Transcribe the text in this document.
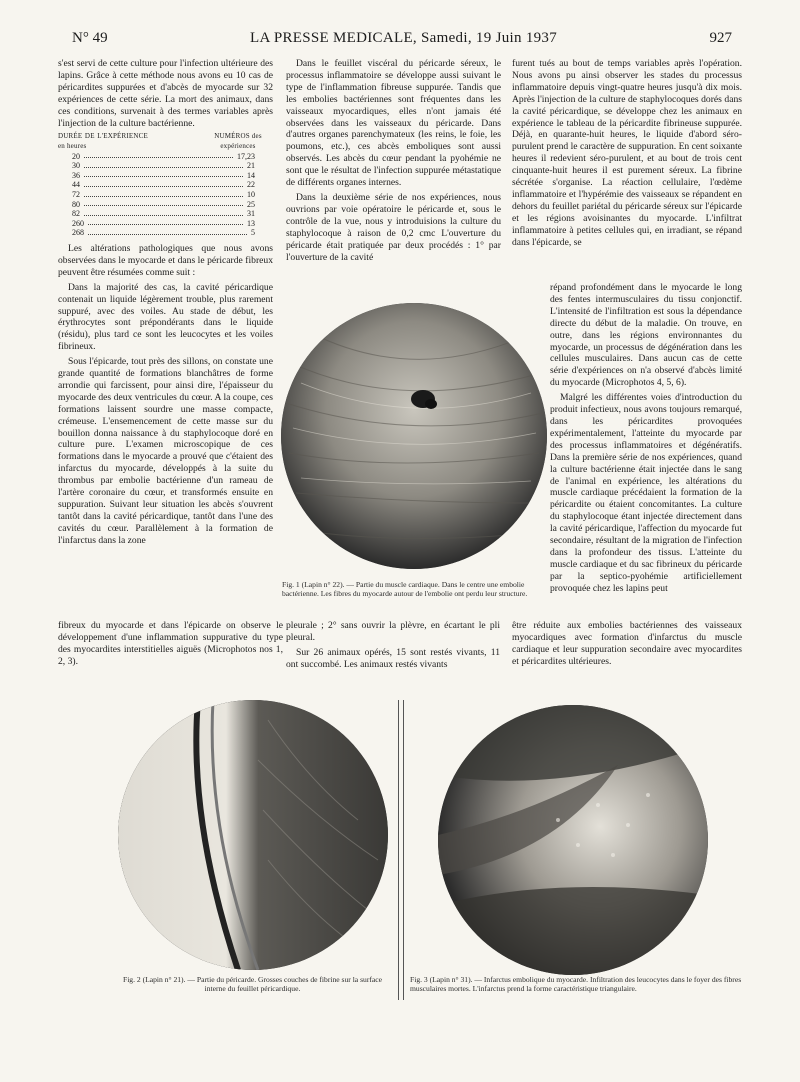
N° 49	LA PRESSE MEDICALE, Samedi, 19 Juin 1937	927

s'est servi de cette culture pour l'infection ultérieure des lapins. Grâce à cette méthode nous avons eu 10 cas de péricardites suppurées et d'abcès de myocarde sur 32 expériences de cette série. La mort des animaux, dans ces conditions, survenait à des termes variables après l'injection de la culture bactérienne.

DURÉE DE L'EXPÉRIENCE en heures
NUMÉROS des expériences
20	17,23
30	21
36	14
44	22
72	10
80	25
82	31
260	13
268	5

Les altérations pathologiques que nous avons observées dans le myocarde et dans le péricarde fibreux peuvent être résumées comme suit :

Dans la majorité des cas, la cavité péricardique contenait un liquide légèrement trouble, plus rarement suppuré, avec des voiles. Au stade de début, les érythrocytes sont prépondérants dans le liquide (résidu), plus tard ce sont les leucocytes et les voiles fibrineux.

Sous l'épicarde, tout près des sillons, on constate une grande quantité de formations blanchâtres de forme arrondie qui farcissent, pour ainsi dire, l'épaisseur du myocarde des deux ventricules du cœur. A la coupe, ces formations laissent sourdre une masse compacte, crémeuse. L'ensemencement de cette masse sur du bouillon donna naissance à du staphylocoque doré en culture pure. L'examen microscopique de ces formations dans le myocarde a prouvé que c'étaient des infarctus du myocarde, développés à la suite du thrombus par embolie bactérienne d'un rameau de l'artère coronaire du cœur, et transformés ensuite en suppuration. Suivant leur situation les abcès s'ouvrent tantôt dans la cavité péricardique, tantôt dans l'une des cavités du cœur. Parallèlement à la formation de l'infarctus dans la zone

fibreux du myocarde et dans l'épicarde on observe le développement d'une inflammation suppurative du type des myocardites interstitielles aiguës (Microphotos nos 1, 2, 3).

Dans le feuillet viscéral du péricarde séreux, le processus inflammatoire se développe aussi suivant le type de l'inflammation fibreuse suppurée. Tandis que les embolies bactériennes sont fréquentes dans les vaisseaux myocardiques, elles n'ont jamais été observées dans les vaisseaux du péricarde. Dans d'autres organes parenchymateux (les reins, le foie, les poumons, etc.), ces abcès emboliques sont aussi observés. Les abcès du cœur pendant la pyohémie ne sont que le résultat de l'infection suppurée métastatique de différents organes internes.

Dans la deuxième série de nos expériences, nous ouvrions par voie opératoire le péricarde et, sous le contrôle de la vue, nous y introduisions la culture du staphylocoque à raison de 0,2 cmc L'ouverture du péricarde était pratiquée par deux procédés : 1° par l'ouverture de la cavité

pleurale ; 2° sans ouvrir la plèvre, en écartant le pli pleural.

Sur 26 animaux opérés, 15 sont restés vivants, 11 ont succombé. Les animaux restés vivants

furent tués au bout de temps variables après l'opération. Nous avons pu ainsi observer les stades du processus inflammatoire depuis vingt-quatre heures jusqu'à dix mois. Après l'injection de la culture de staphylocoques dorés dans la cavité péricardique, se développe chez les animaux en expérience le tableau de la péricardite fibrineuse suppurée. Déjà, en quarante-huit heures, le liquide d'abord séro-purulent prend le caractère de suppuration. En cent soixante heures il redevient séro-purulent, et au bout de trois cent cinquante-huit heures il est purement séreux. La fibrine sécrétée s'organise. La réaction cellulaire, l'œdème inflammatoire et l'hypérémie des vaisseaux se répandent en dehors du feuillet pariétal du péricarde séreux sur l'épicarde et les régions avoisinantes du myocarde. L'infiltrat inflammatoire à petites cellules qui, en irradiant, se répand dans l'épicarde, se

répand profondément dans le myocarde le long des fentes intermusculaires du tissu conjonctif. L'intensité de l'infiltration est sous la dépendance directe du début de la maladie. On trouve, en outre, dans les régions environnantes du myocarde, un processus de dégénération dans les cellules musculaires. Dans aucun cas de cette série d'expériences on n'a observé d'abcès limité du myocarde (Microphotos 4, 5, 6).

Malgré les différentes voies d'introduction du produit infectieux, nous avons toujours remarqué, dans les péricardites provoquées expérimentalement, l'atteinte du myocarde par des processus inflammatoires et dégénératifs. Dans la première série de nos expériences, quand la culture bactérienne était injectée dans le sang de l'animal en expérience, les altérations du muscle cardiaque précédaient la formation de la péricardite ou étaient concomitantes. La culture du staphylocoque étant injectée directement dans la cavité péricardique, l'affection du myocarde fut secondaire, résultant de la migration de l'infection dans la profondeur des tissus. L'atteinte du muscle cardiaque et du sac fibrineux du péricarde par la septico-pyohémie artificiellement provoquée chez les lapins peut

être réduite aux embolies bactériennes des vaisseaux myocardiques avec formation d'infarctus du muscle cardiaque et leur suppuration secondaire avec myocardites et péricardites ultérieures.

Fig. 1 (Lapin n° 22). — Partie du muscle cardiaque. Dans le centre une embolie bactérienne. Les fibres du myocarde autour de l'embolie ont perdu leur structure.
Fig. 2 (Lapin n° 21). — Partie du péricarde. Grosses couches de fibrine sur la surface interne du feuillet péricardique.
Fig. 3 (Lapin n° 31). — Infarctus embolique du myocarde. Infiltration des leucocytes dans le foyer des fibres musculaires mortes. L'infarctus prend la forme caractéristique triangulaire.
